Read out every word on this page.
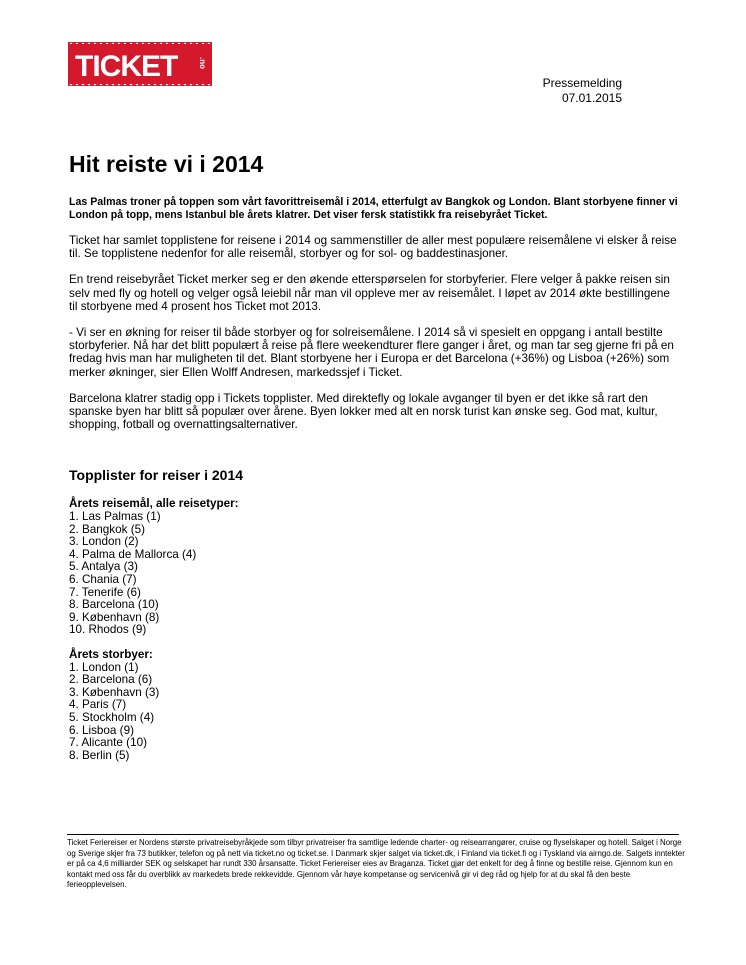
TICKET	.no
Pressemelding
07.01.2015
Hit reiste vi i 2014

Las Palmas troner på toppen som vårt favorittreisemål i 2014, etterfulgt av Bangkok og London. Blant storbyene finner vi London på topp, mens Istanbul ble årets klatrer. Det viser fersk statistikk fra reisebyrået Ticket.

Ticket har samlet topplistene for reisene i 2014 og sammenstiller de aller mest populære reisemålene vi elsker å reise til. Se topplistene nedenfor for alle reisemål, storbyer og for sol- og baddestinasjoner.

En trend reisebyrået Ticket merker seg er den økende etterspørselen for storbyferier. Flere velger å pakke reisen sin selv med fly og hotell og velger også leiebil når man vil oppleve mer av reisemålet. I løpet av 2014 økte bestillingene til storbyene med 4 prosent hos Ticket mot 2013.

- Vi ser en økning for reiser til både storbyer og for solreisemålene. I 2014 så vi spesielt en oppgang i antall bestilte storbyferier. Nå har det blitt populært å reise på flere weekendturer flere ganger i året, og man tar seg gjerne fri på en fredag hvis man har muligheten til det. Blant storbyene her i Europa er det Barcelona (+36%) og Lisboa (+26%) som merker økninger, sier Ellen Wolff Andresen, markedssjef i Ticket.

Barcelona klatrer stadig opp i Tickets topplister. Med direktefly og lokale avganger til byen er det ikke så rart den spanske byen har blitt så populær over årene. Byen lokker med alt en norsk turist kan ønske seg. God mat, kultur, shopping, fotball og overnattingsalternativer.

Topplister for reiser i 2014
Årets reisemål, alle reisetyper:
1. Las Palmas (1)
2. Bangkok (5)
3. London (2)
4. Palma de Mallorca (4)
5. Antalya (3)
6. Chania (7)
7. Tenerife (6)
8. Barcelona (10)
9. København (8)
10. Rhodos (9)
Årets storbyer:
1. London (1)
2. Barcelona (6)
3. København (3)
4. Paris (7)
5. Stockholm (4)
6. Lisboa (9)
7. Alicante (10)
8. Berlin (5)
Ticket Feriereiser er Nordens største privatreisebyråkjede som tilbyr privatreiser fra samtlige ledende charter- og reisearrangører, cruise og flyselskaper og hotell. Salget i Norge og Sverige skjer fra 73 butikker, telefon og på nett via ticket.no og ticket.se. I Danmark skjer salget via ticket.dk, i Finland via ticket.fi og i Tyskland via airngo.de. Salgets inntekter er på ca 4,6 milliarder SEK og selskapet har rundt 330 årsansatte. Ticket Feriereiser eies av Braganza. Ticket gjør det enkelt for deg å finne og bestille reise. Gjennom kun en kontakt med oss får du overblikk av markedets brede rekkevidde. Gjennom vår høye kompetanse og servicenivå gir vi deg råd og hjelp for at du skal få den beste ferieopplevelsen.
